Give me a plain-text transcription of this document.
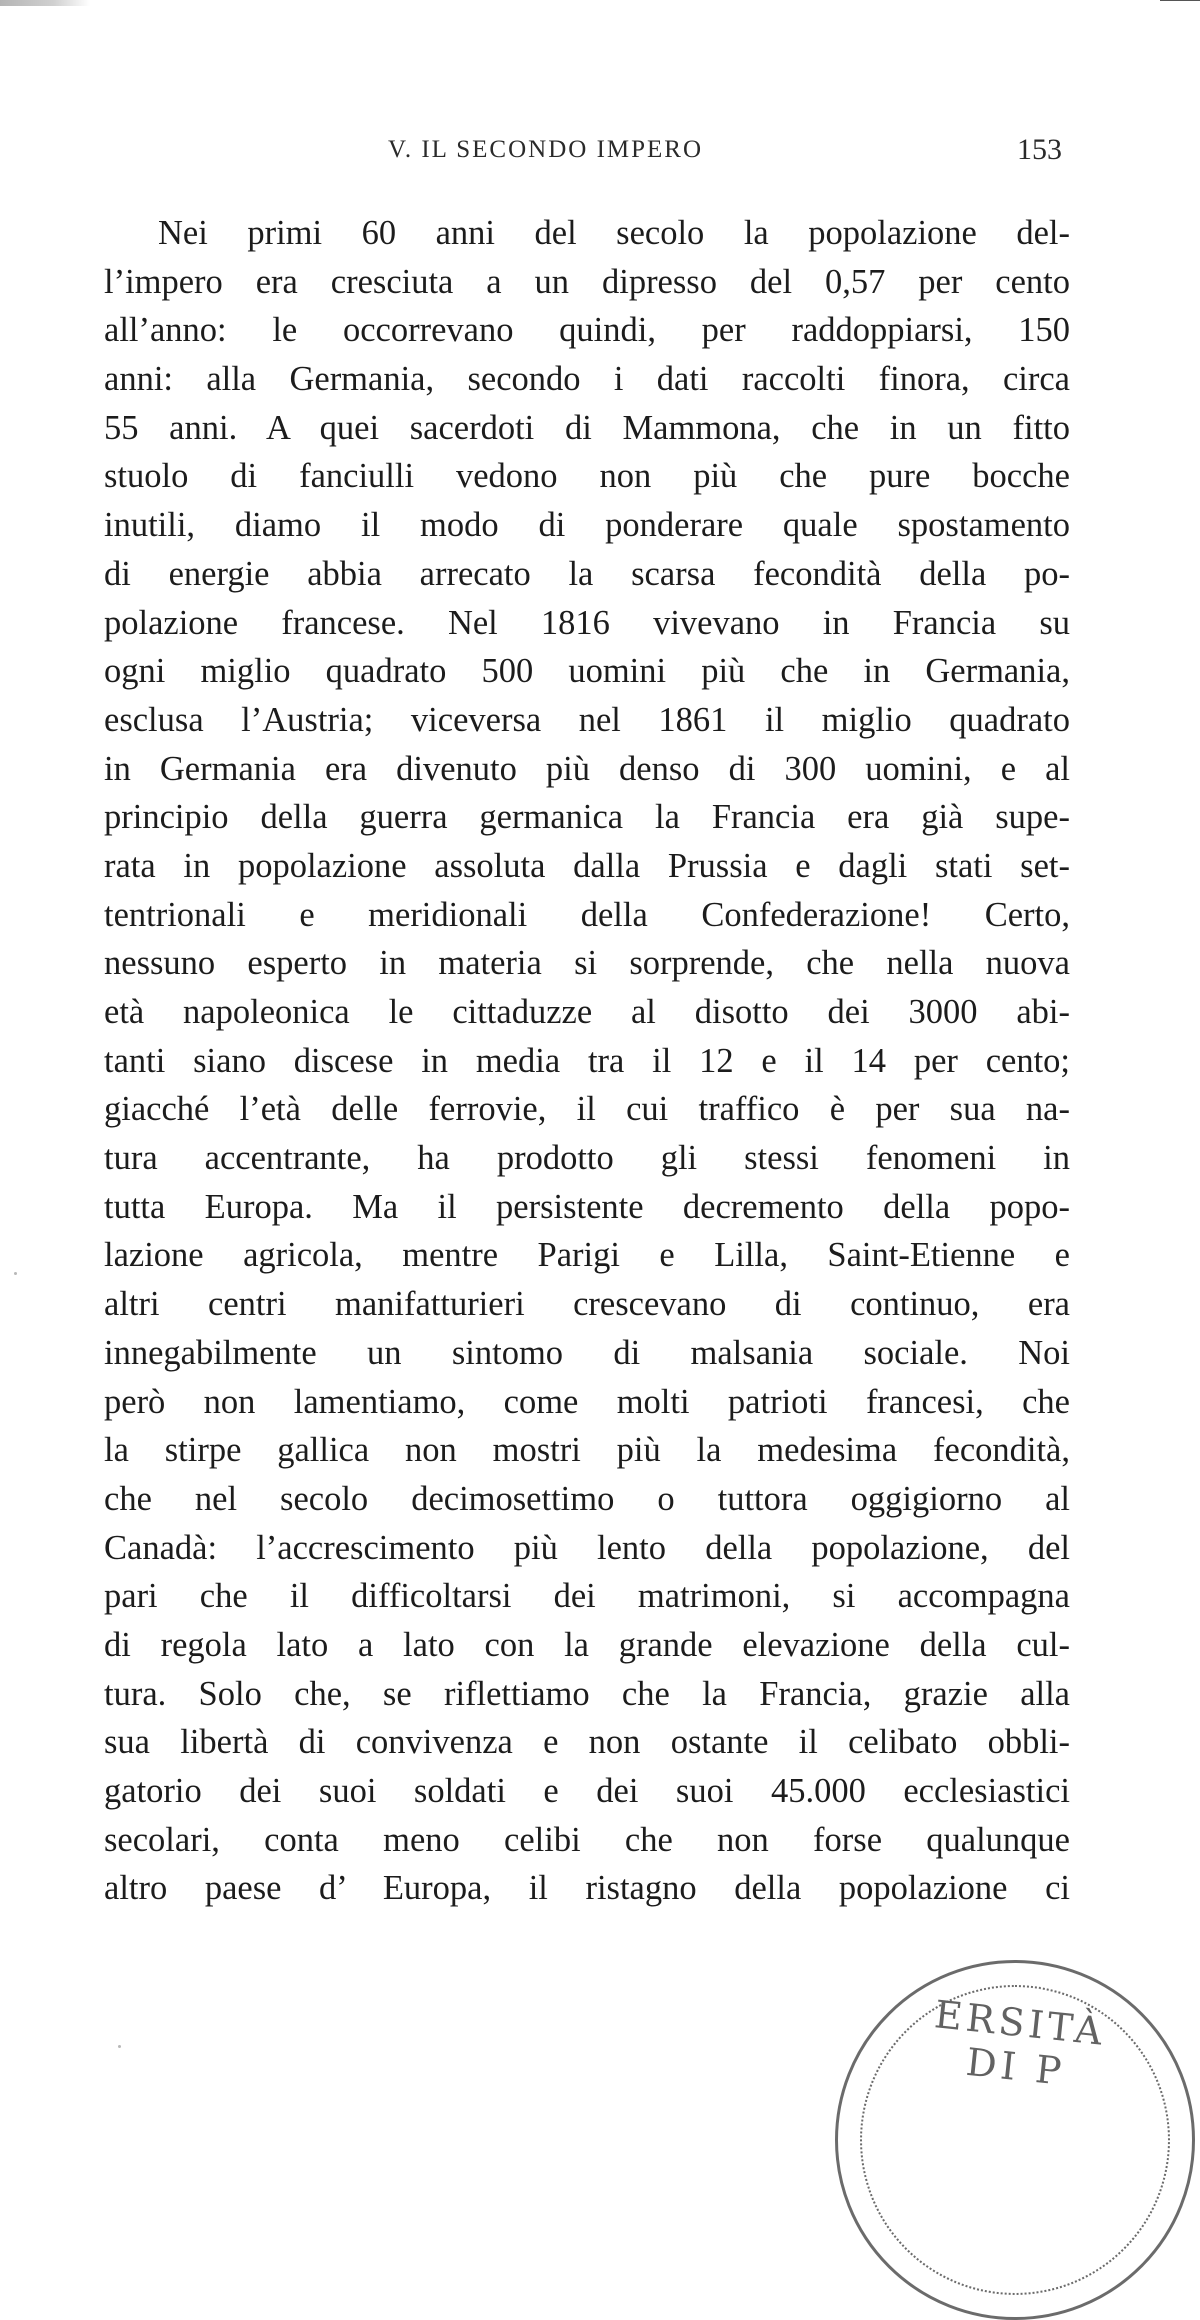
V. IL SECONDO IMPERO	153
Nei primi 60 anni del secolo la popolazione del-
l’impero era cresciuta a un dipresso del 0,57 per cento
all’anno: le occorrevano quindi, per raddoppiarsi, 150
anni: alla Germania, secondo i dati raccolti finora, circa
55 anni. A quei sacerdoti di Mammona, che in un fitto
stuolo di fanciulli vedono non più che pure bocche
inutili, diamo il modo di ponderare quale spostamento
di energie abbia arrecato la scarsa fecondità della po-
polazione francese. Nel 1816 vivevano in Francia su
ogni miglio quadrato 500 uomini più che in Germania,
esclusa l’Austria; viceversa nel 1861 il miglio quadrato
in Germania era divenuto più denso di 300 uomini, e al
principio della guerra germanica la Francia era già supe-
rata in popolazione assoluta dalla Prussia e dagli stati set-
tentrionali e meridionali della Confederazione! Certo,
nessuno esperto in materia si sorprende, che nella nuova
età napoleonica le cittaduzze al disotto dei 3000 abi-
tanti siano discese in media tra il 12 e il 14 per cento;
giacché l’età delle ferrovie, il cui traffico è per sua na-
tura accentrante, ha prodotto gli stessi fenomeni in
tutta Europa. Ma il persistente decremento della popo-
lazione agricola, mentre Parigi e Lilla, Saint-Etienne e
altri centri manifatturieri crescevano di continuo, era
innegabilmente un sintomo di malsania sociale. Noi
però non lamentiamo, come molti patrioti francesi, che
la stirpe gallica non mostri più la medesima fecondità,
che nel secolo decimosettimo o tuttora oggigiorno al
Canadà: l’accrescimento più lento della popolazione, del
pari che il difficoltarsi dei matrimoni, si accompagna
di regola lato a lato con la grande elevazione della cul-
tura. Solo che, se riflettiamo che la Francia, grazie alla
sua libertà di convivenza e non ostante il celibato obbli-
gatorio dei suoi soldati e dei suoi 45.000 ecclesiastici
secolari, conta meno celibi che non forse qualunque
altro paese d’ Europa, il ristagno della popolazione ci
ERSITÀ DI P
